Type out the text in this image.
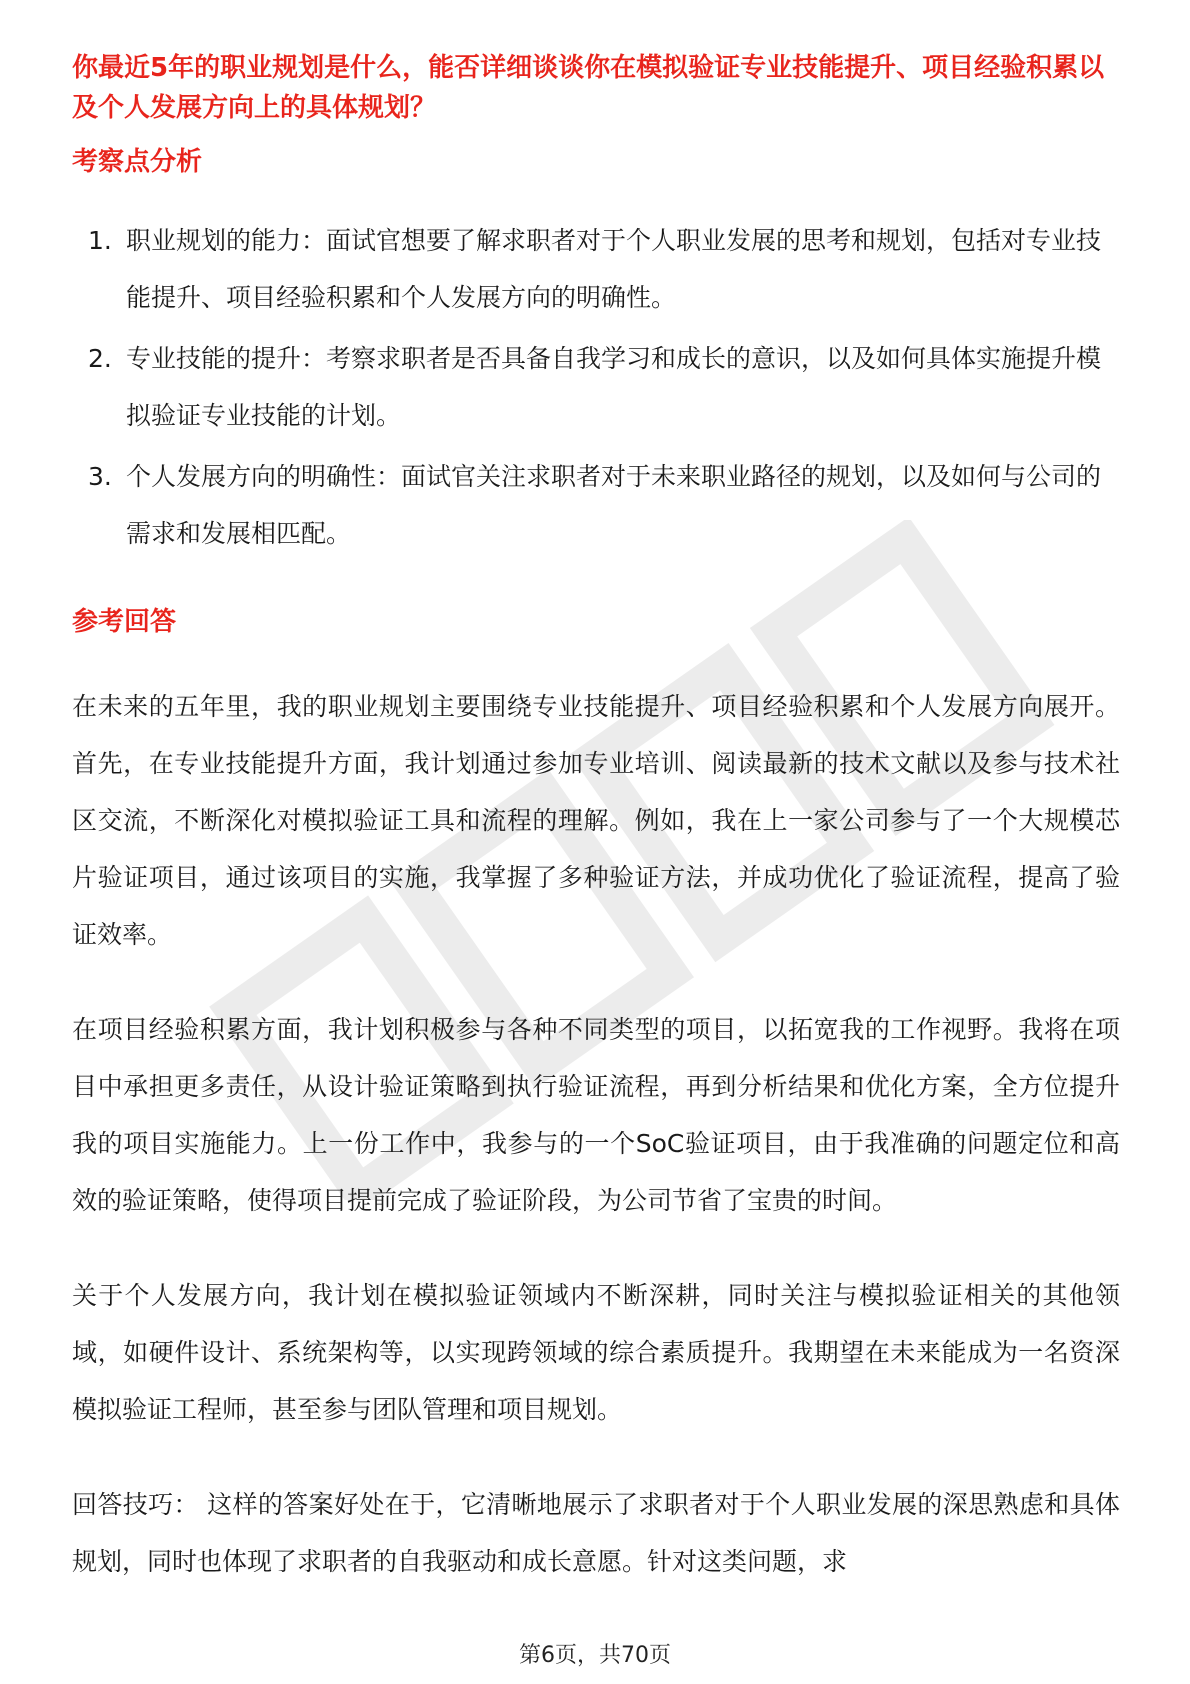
你最近5年的职业规划是什么，能否详细谈谈你在模拟验证专业技能提升、项目经验积累以及个人发展方向上的具体规划？

考察点分析

1. 职业规划的能力：面试官想要了解求职者对于个人职业发展的思考和规划，包括对专业技能提升、项目经验积累和个人发展方向的明确性。
2. 专业技能的提升：考察求职者是否具备自我学习和成长的意识，以及如何具体实施提升模拟验证专业技能的计划。
3. 个人发展方向的明确性：面试官关注求职者对于未来职业路径的规划，以及如何与公司的需求和发展相匹配。

参考回答

在未来的五年里，我的职业规划主要围绕专业技能提升、项目经验积累和个人发展方向展开。首先，在专业技能提升方面，我计划通过参加专业培训、阅读最新的技术文献以及参与技术社区交流，不断深化对模拟验证工具和流程的理解。例如，我在上一家公司参与了一个大规模芯片验证项目，通过该项目的实施，我掌握了多种验证方法，并成功优化了验证流程，提高了验证效率。

在项目经验积累方面，我计划积极参与各种不同类型的项目，以拓宽我的工作视野。我将在项目中承担更多责任，从设计验证策略到执行验证流程，再到分析结果和优化方案，全方位提升我的项目实施能力。上一份工作中，我参与的一个SoC验证项目，由于我准确的问题定位和高效的验证策略，使得项目提前完成了验证阶段，为公司节省了宝贵的时间。

关于个人发展方向，我计划在模拟验证领域内不断深耕，同时关注与模拟验证相关的其他领域，如硬件设计、系统架构等，以实现跨领域的综合素质提升。我期望在未来能成为一名资深模拟验证工程师，甚至参与团队管理和项目规划。

回答技巧： 这样的答案好处在于，它清晰地展示了求职者对于个人职业发展的深思熟虑和具体规划，同时也体现了求职者的自我驱动和成长意愿。针对这类问题，求

第6页，共70页
